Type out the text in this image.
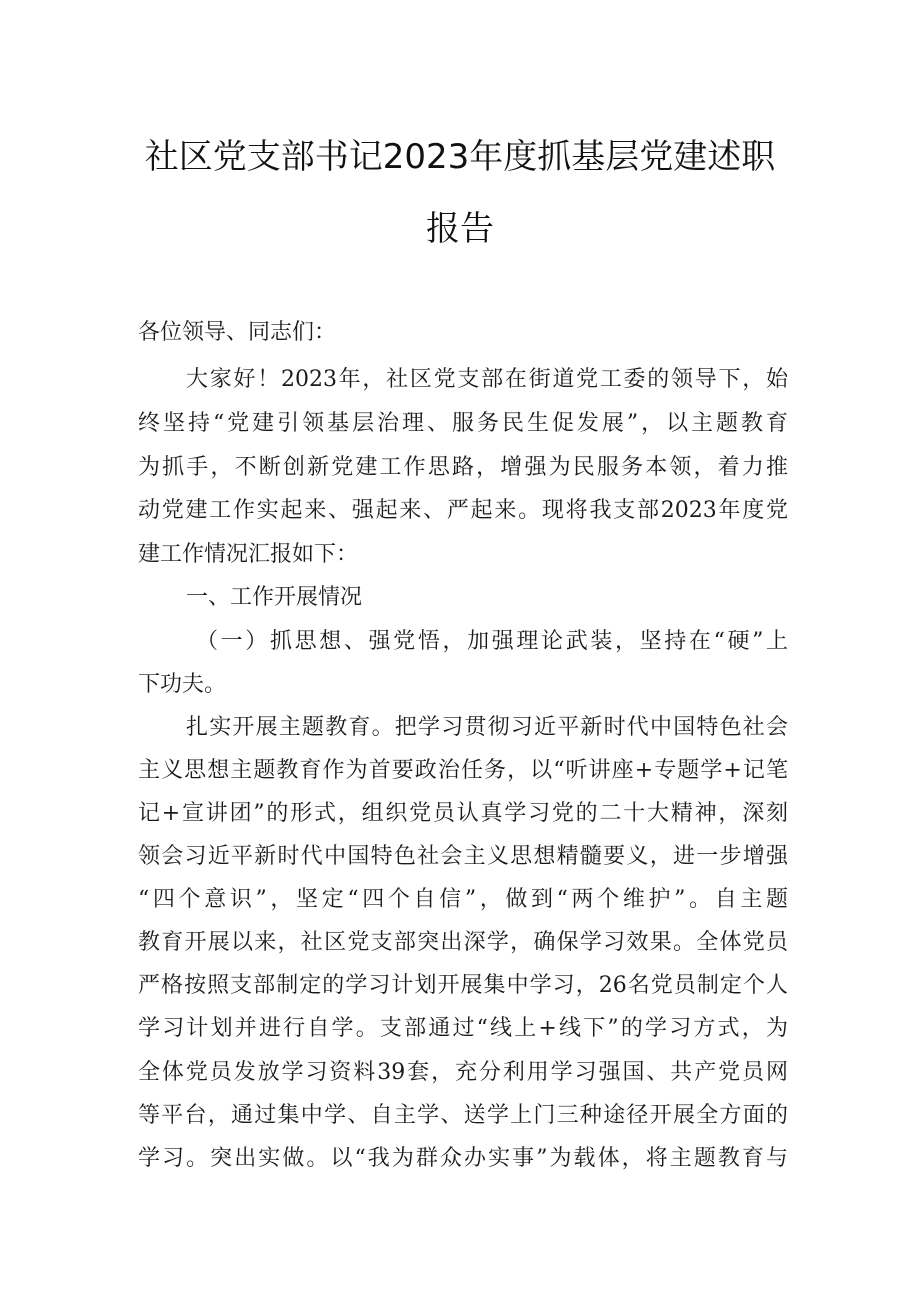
社区党支部书记2023年度抓基层党建述职
报告

各位领导、同志们：

大家好！2023年，社区党支部在街道党工委的领导下，始

终坚持“党建引领基层治理、服务民生促发展”，以主题教育

为抓手，不断创新党建工作思路，增强为民服务本领，着力推

动党建工作实起来、强起来、严起来。现将我支部2023年度党

建工作情况汇报如下：

一、工作开展情况

（一）抓思想、强党悟，加强理论武装，坚持在“硬”上

下功夫。

扎实开展主题教育。把学习贯彻习近平新时代中国特色社会

主义思想主题教育作为首要政治任务，以“听讲座+专题学+记笔

记+宣讲团”的形式，组织党员认真学习党的二十大精神，深刻

领会习近平新时代中国特色社会主义思想精髓要义，进一步增强

“四个意识”，坚定“四个自信”，做到“两个维护”。自主题

教育开展以来，社区党支部突出深学，确保学习效果。全体党员

严格按照支部制定的学习计划开展集中学习，26名党员制定个人

学习计划并进行自学。支部通过“线上+线下”的学习方式，为

全体党员发放学习资料39套，充分利用学习强国、共产党员网

等平台，通过集中学、自主学、送学上门三种途径开展全方面的

学习。突出实做。以“我为群众办实事”为载体，将主题教育与
